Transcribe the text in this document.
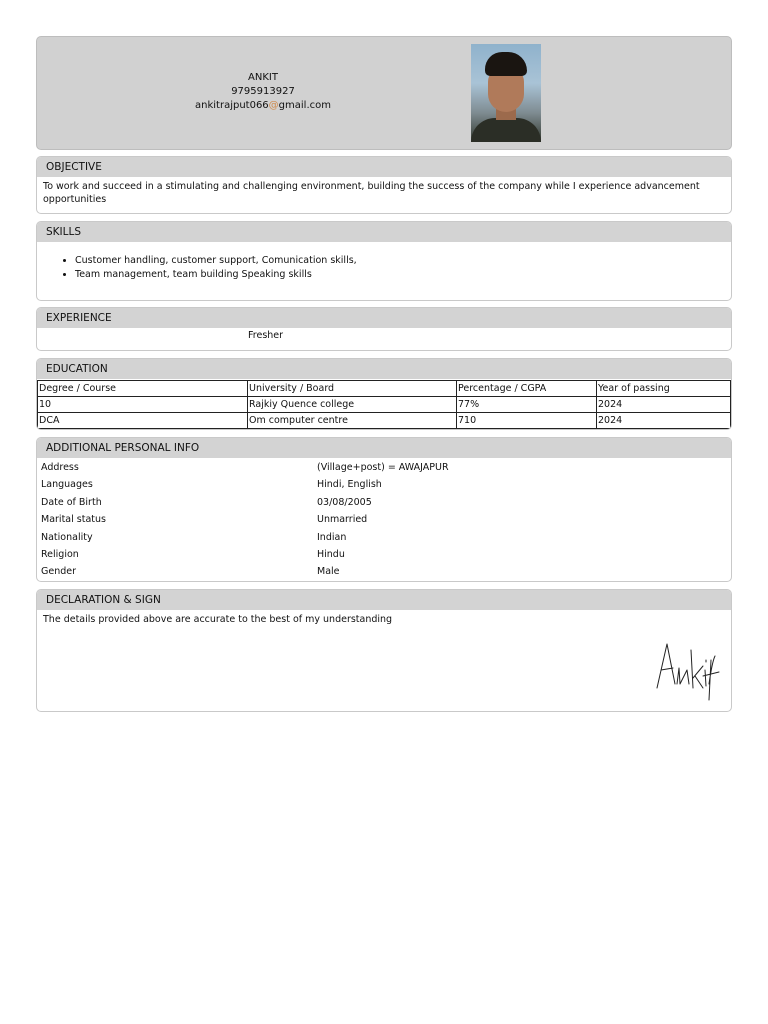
ANKIT
9795913927
ankitrajput066@gmail.com
OBJECTIVE
To work and succeed in a stimulating and challenging environment, building the success of the company while I experience advancement opportunities
SKILLS
• Customer handling, customer support, Comunication skills,
• Team management, team building Speaking skills
EXPERIENCE
Fresher
EDUCATION
Degree / Course	University / Board	Percentage / CGPA	Year of passing
10	Rajkiy Quence college	77%	2024
DCA	Om computer centre	710	2024
ADDITIONAL PERSONAL INFO
Address	(Village+post) = AWAJAPUR
Languages	Hindi, English
Date of Birth	03/08/2005
Marital status	Unmarried
Nationality	Indian
Religion	Hindu
Gender	Male
DECLARATION & SIGN
The details provided above are accurate to the best of my understanding
